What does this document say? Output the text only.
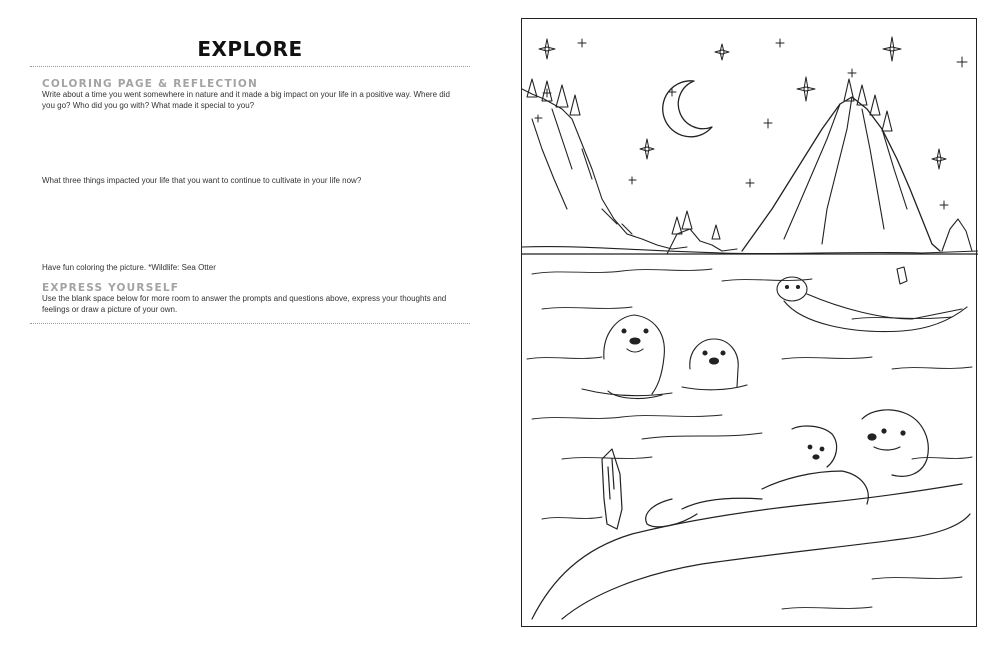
EXPLORE
COLORING PAGE & REFLECTION
Write about a time you went somewhere in nature and it made a big impact on your life in a positive way. Where did you go? Who did you go with? What made it special to you?
What three things impacted your life that you want to continue to cultivate in your life now?
Have fun coloring the picture. *Wildlife: Sea Otter
EXPRESS YOURSELF
Use the blank space below for more room to answer the prompts and questions above, express your thoughts and feelings or draw a picture of your own.
